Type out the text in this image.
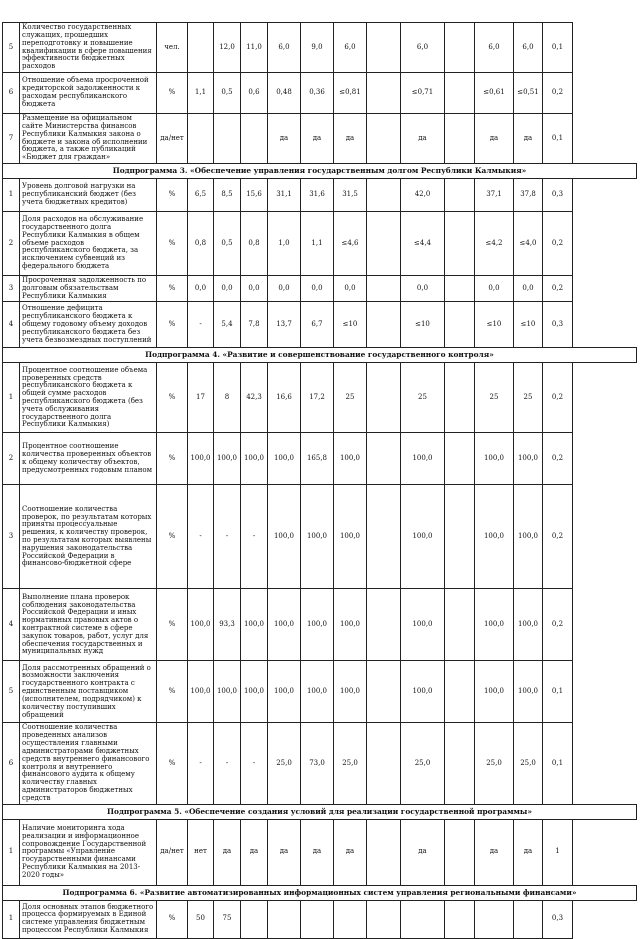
5	Количество государственных служащих, прошедших переподготовку и повышение квалификации в сфере повышения эффективности бюджетных расходов	чел.		12,0	11,0	6,0	9,0	6,0		6,0		6,0	6,0	0,1
6	Отношение объема просроченной кредиторской задолженности к расходам республиканского бюджета	%	1,1	0,5	0,6	0,48	0,36	≤0,81		≤0,71		≤0,61	≤0,51	0,2
7	Размещение на официальном сайте Министерства финансов Республики Калмыкия закона о бюджете и закона об исполнении бюджета, а также публикаций «Бюджет для граждан»	да/нет				да	да	да		да		да	да	0,1
Подпрограмма 3. «Обеспечение управления государственным долгом Республики Калмыкия»														
1	Уровень долговой нагрузки на республиканский бюджет (без учета бюджетных кредитов)	%	6,5	8,5	15,6	31,1	31,6	31,5		42,0		37,1	37,8	0,3
2	Доля расходов на обслуживание государственного долга Республики Калмыкия в общем объеме расходов республиканского бюджета, за исключением субвенций из федерального бюджета	%	0,8	0,5	0,8	1,0	1,1	≤4,6		≤4,4		≤4,2	≤4,0	0,2
3	Просроченная задолженность по долговым обязательствам Республики Калмыкия	%	0,0	0,0	0,0	0,0	0,0	0,0		0,0		0,0	0,0	0,2
4	Отношение дефицита республиканского бюджета к общему годовому объему доходов республиканского бюджета без учета безвозмездных поступлений	%	-	5,4	7,8	13,7	6,7	≤10		≤10		≤10	≤10	0,3
Подпрограмма 4. «Развитие и совершенствование государственного контроля»														
1	Процентное соотношение объема проверенных средств республиканского бюджета к общей сумме расходов республиканского бюджета (без учета обслуживания государственного долга Республики Калмыкия)	%	17	8	42,3	16,6	17,2	25		25		25	25	0,2
2	Процентное соотношение количества проверенных объектов к общему количеству объектов, предусмотренных годовым планом	%	100,0	100,0	100,0	100,0	165,8	100,0		100,0		100,0	100,0	0,2
3	Соотношение количества проверок, по результатам которых приняты процессуальные решения, к количеству проверок, по результатам которых выявлены нарушения законодательства Российской Федерации в финансово-бюджетной сфере	%	-	-	-	100,0	100,0	100,0		100,0		100,0	100,0	0,2
4	Выполнение плана проверок соблюдения законодательства Российской Федерации и иных нормативных правовых актов о контрактной системе в сфере закупок товаров, работ, услуг для обеспечения государственных и муниципальных нужд	%	100,0	93,3	100,0	100,0	100,0	100,0		100,0		100,0	100,0	0,2
5	Доля рассмотренных обращений о возможности заключения государственного контракта с единственным поставщиком (исполнителем, подрядчиком) к количеству поступивших обращений	%	100,0	100,0	100,0	100,0	100,0	100,0		100,0		100,0	100,0	0,1
6	Соотношение количества проведенных анализов осуществления главными администраторами бюджетных средств внутреннего финансового контроля и внутреннего финансового аудита к общему количеству главных администраторов бюджетных средств	%	-	-	-	25,0	73,0	25,0		25,0		25,0	25,0	0,1
Подпрограмма 5. «Обеспечение создания условий для реализации государственной программы»														
1	Наличие мониторинга хода реализации и информационное сопровождение Государственной программы «Управление государственными финансами Республики Калмыкия на 2013-2020 годы»	да/нет	нет	да	да	да	да	да		да		да	да	1
Подпрограмма 6. «Развитие автоматизированных информационных систем управления региональными финансами»														
1	Доля основных этапов бюджетного процесса формируемых в Единой системе управления бюджетным процессом Республики Калмыкия	%	50	75										0,3
